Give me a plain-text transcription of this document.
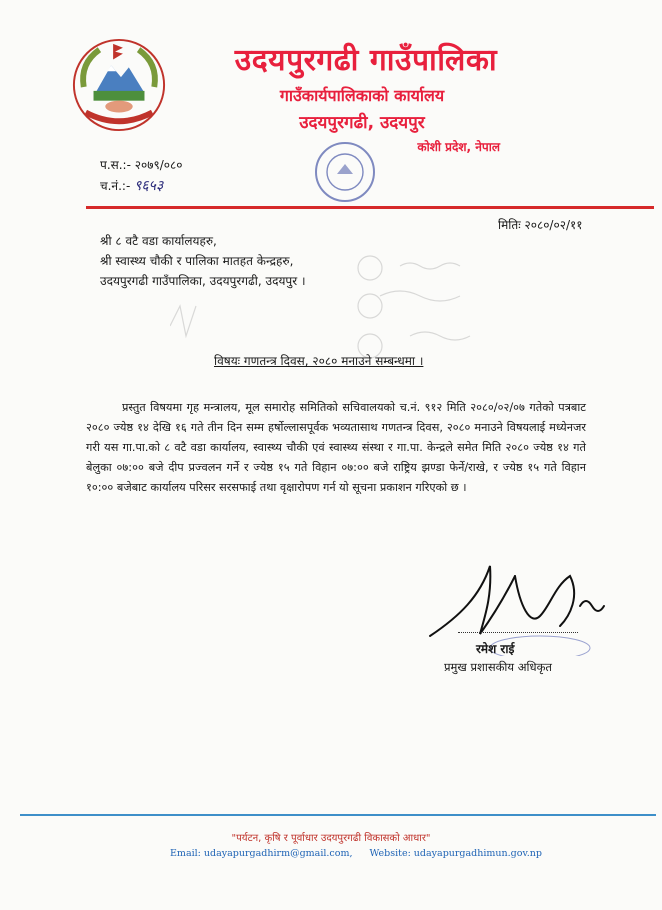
उदयपुरगढी गाउँपालिका
गाउँकार्यपालिकाको कार्यालय
उदयपुरगढी, उदयपुर
कोशी प्रदेश, नेपाल
प.स.:- २०७९/०८०
च.नं.:- ९६५३
मितिः २०८०/०२/११
श्री ८ वटै वडा कार्यालयहरु,
श्री स्वास्थ्य चौकी र पालिका मातहत केन्द्रहरु,
उदयपुरगढी गाउँपालिका, उदयपुरगढी, उदयपुर ।
विषयः गणतन्त्र दिवस, २०८० मनाउने सम्बन्धमा ।
प्रस्तुत विषयमा गृह मन्त्रालय, मूल समारोह समितिको सचिवालयको च.नं. ९१२ मिति २०८०/०२/०७ गतेको पत्रबाट २०८० ज्येष्ठ १४ देखि १६ गते तीन दिन सम्म हर्षोल्लासपूर्वक भव्यतासाथ गणतन्त्र दिवस, २०८० मनाउने विषयलाई मध्येनजर गरी यस गा.पा.को ८ वटै वडा कार्यालय, स्वास्थ्य चौकी एवं स्वास्थ्य संस्था र गा.पा. केन्द्रले समेत मिति २०८० ज्येष्ठ १४ गते बेलुका ०७:०० बजे दीप प्रज्वलन गर्ने र ज्येष्ठ १५ गते विहान ०७:०० बजे राष्ट्रिय झण्डा फेर्ने/राखे, र ज्येष्ठ १५ गते विहान १०:०० बजेबाट कार्यालय परिसर सरसफाई तथा वृक्षारोपण गर्न यो सूचना प्रकाशन गरिएको छ ।
रमेश राई
प्रमुख प्रशासकीय अधिकृत
"पर्यटन, कृषि र पूर्वाधार उदयपुरगढी विकासको आधार"
Email: udayapurgadhirm@gmail.com, Website: udayapurgadhimun.gov.np
